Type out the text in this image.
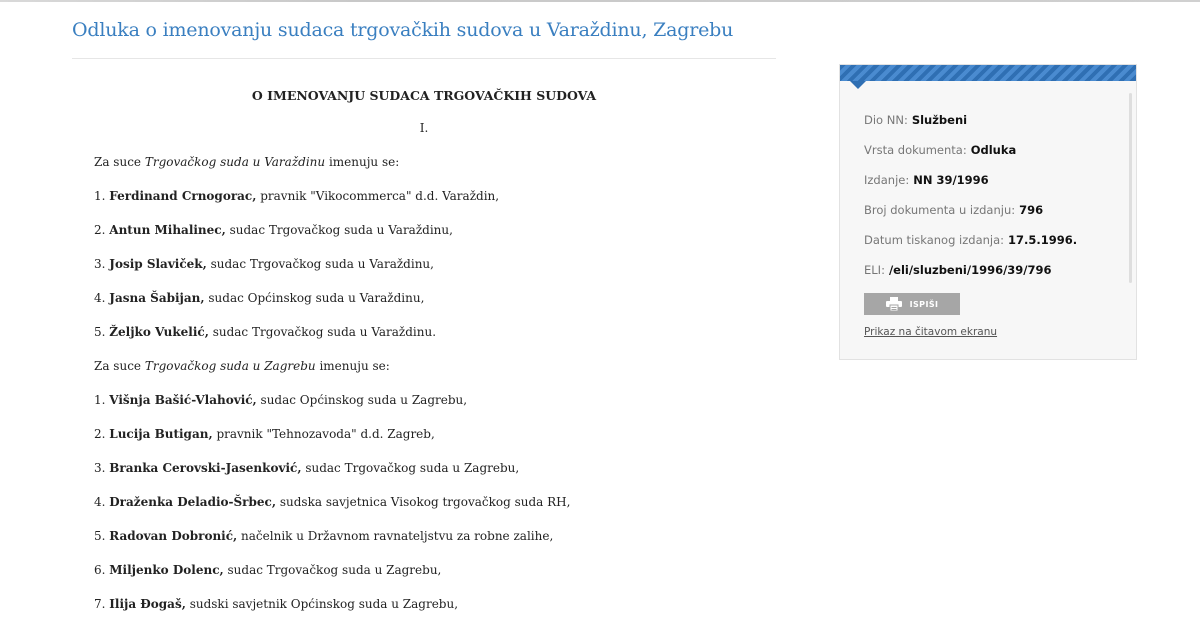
Odluka o imenovanju sudaca trgovačkih sudova u Varaždinu, Zagrebu
O IMENOVANJU SUDACA TRGOVAČKIH SUDOVA
I.

Za suce Trgovačkog suda u Varaždinu imenuju se:

1. Ferdinand Crnogorac, pravnik "Vikocommerca" d.d. Varaždin,

2. Antun Mihalinec, sudac Trgovačkog suda u Varaždinu,

3. Josip Slaviček, sudac Trgovačkog suda u Varaždinu,

4. Jasna Šabijan, sudac Općinskog suda u Varaždinu,

5. Željko Vukelić, sudac Trgovačkog suda u Varaždinu.

Za suce Trgovačkog suda u Zagrebu imenuju se:

1. Višnja Bašić-Vlahović, sudac Općinskog suda u Zagrebu,

2. Lucija Butigan, pravnik "Tehnozavoda" d.d. Zagreb,

3. Branka Cerovski-Jasenković, sudac Trgovačkog suda u Zagrebu,

4. Draženka Deladio-Šrbec, sudska savjetnica Visokog trgovačkog suda RH,

5. Radovan Dobronić, načelnik u Državnom ravnateljstvu za robne zalihe,

6. Miljenko Dolenc, sudac Trgovačkog suda u Zagrebu,

7. Ilija Đogaš, sudski savjetnik Općinskog suda u Zagrebu,

Dio NN: Službeni
Vrsta dokumenta: Odluka
Izdanje: NN 39/1996
Broj dokumenta u izdanju: 796
Datum tiskanog izdanja: 17.5.1996.
ELI: /eli/sluzbeni/1996/39/796
ISPIŠI
Prikaz na čitavom ekranu
